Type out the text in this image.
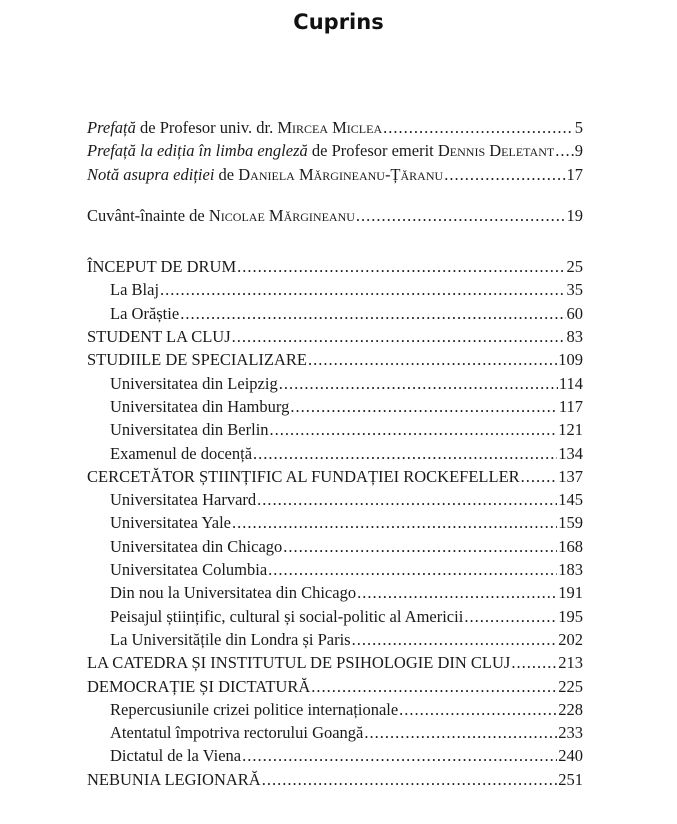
Cuprins
Prefață de Profesor univ. dr. Mircea Miclea .....	5
Prefață la ediția în limba engleză de Profesor emerit Dennis Deletant ..... 9
Notă asupra ediției de Daniela Mărgineanu-Țăranu .....	17
Cuvânt-înainte de Nicolae Mărgineanu .....	19
ÎNCEPUT DE DRUM .....	25
La Blaj .....	35
La Orăștie .....	60
STUDENT LA CLUJ .....	83
STUDIILE DE SPECIALIZARE .....	109
Universitatea din Leipzig .....	114
Universitatea din Hamburg .....	117
Universitatea din Berlin .....	121
Examenul de docență .....	134
CERCETĂTOR ȘTIINȚIFIC AL FUNDAȚIEI ROCKEFELLER ..... 137
Universitatea Harvard .....	145
Universitatea Yale .....	159
Universitatea din Chicago .....	168
Universitatea Columbia .....	183
Din nou la Universitatea din Chicago .....	191
Peisajul științific, cultural și social-politic al Americii .....	195
La Universitățile din Londra și Paris .....	202
LA CATEDRA ȘI INSTITUTUL DE PSIHOLOGIE DIN CLUJ .....	213
DEMOCRAȚIE ȘI DICTATURĂ .....	225
Repercusiunile crizei politice internaționale .....	228
Atentatul împotriva rectorului Goangă .....	233
Dictatul de la Viena .....	240
NEBUNIA LEGIONARĂ .....	251
